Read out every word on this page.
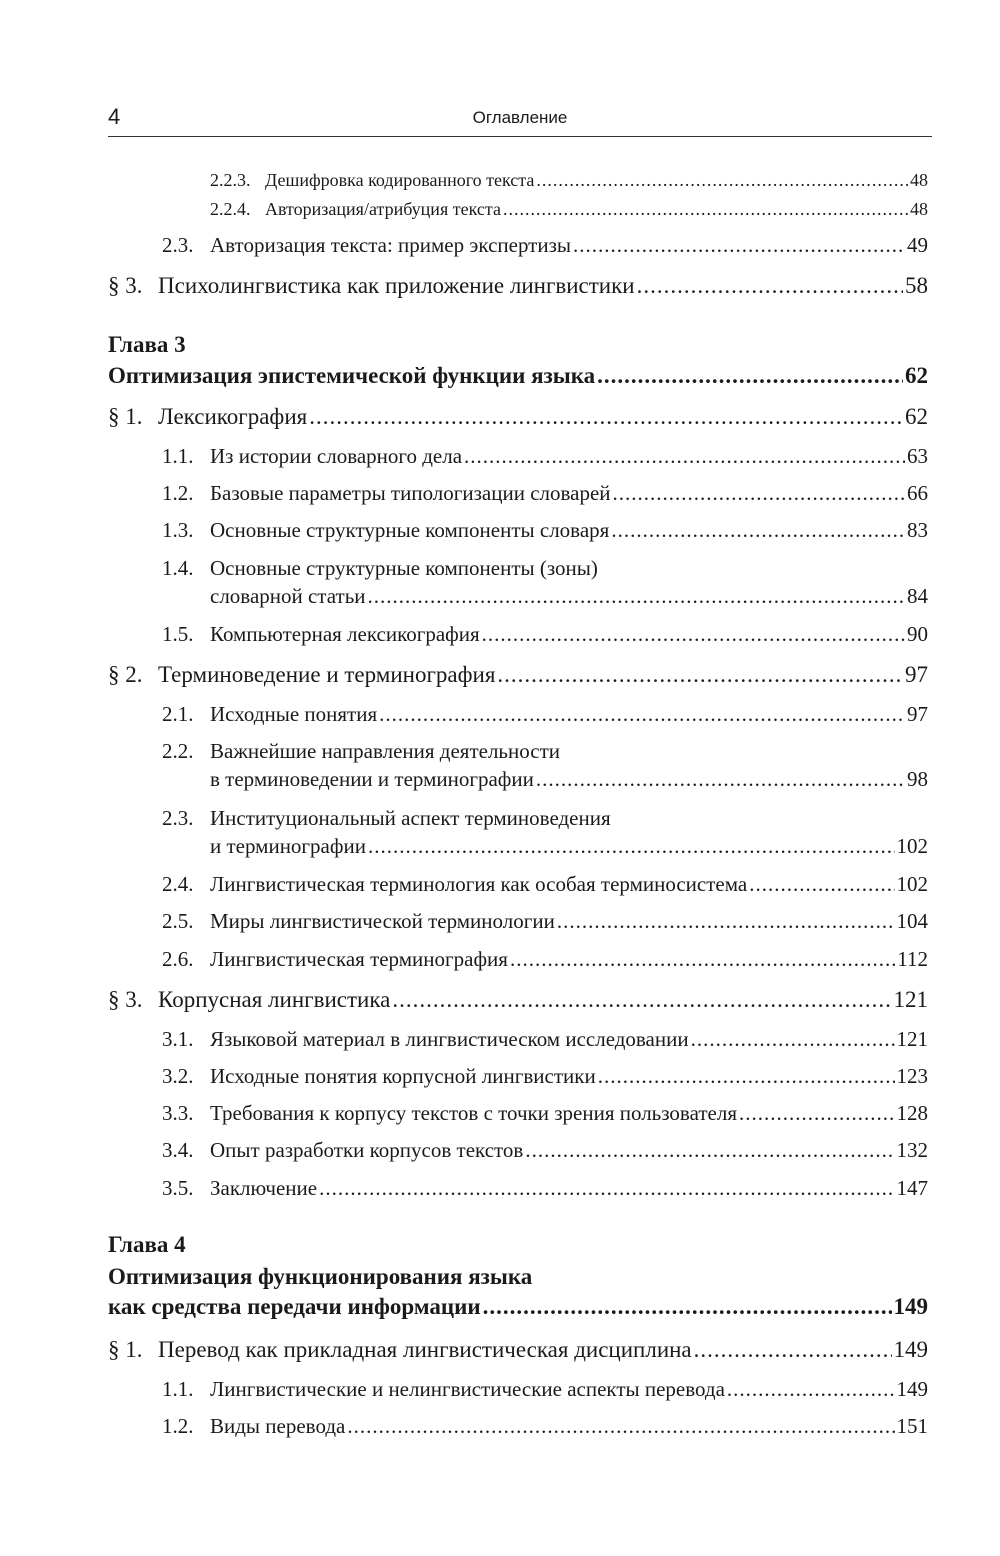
4	Оглавление
2.2.3. Дешифровка кодированного текста .....	48
2.2.4. Авторизация/атрибуция текста .....	48
2.3. Авторизация текста: пример экспертизы .....	49
§ 3. Психолингвистика как приложение лингвистики .....	58
Глава 3
Оптимизация эпистемической функции языка .....	62
§ 1. Лексикография .....	62
1.1. Из истории словарного дела .....	63
1.2. Базовые параметры типологизации словарей .....	66
1.3. Основные структурные компоненты словаря .....	83
1.4. Основные структурные компоненты (зоны)
словарной статьи .....	84
1.5. Компьютерная лексикография .....	90
§ 2. Терминоведение и терминография .....	97
2.1. Исходные понятия .....	97
2.2. Важнейшие направления деятельности
в терминоведении и терминографии .....	98
2.3. Институциональный аспект терминоведения
и терминографии .....	102
2.4. Лингвистическая терминология как особая терминосистема .....	102
2.5. Миры лингвистической терминологии .....	104
2.6. Лингвистическая терминография .....	112
§ 3. Корпусная лингвистика .....	121
3.1. Языковой материал в лингвистическом исследовании .....	121
3.2. Исходные понятия корпусной лингвистики .....	123
3.3. Требования к корпусу текстов с точки зрения пользователя .....	128
3.4. Опыт разработки корпусов текстов .....	132
3.5. Заключение .....	147
Глава 4
Оптимизация функционирования языка
как средства передачи информации .....	149
§ 1. Перевод как прикладная лингвистическая дисциплина .....	149
1.1. Лингвистические и нелингвистические аспекты перевода .....	149
1.2. Виды перевода .....	151
